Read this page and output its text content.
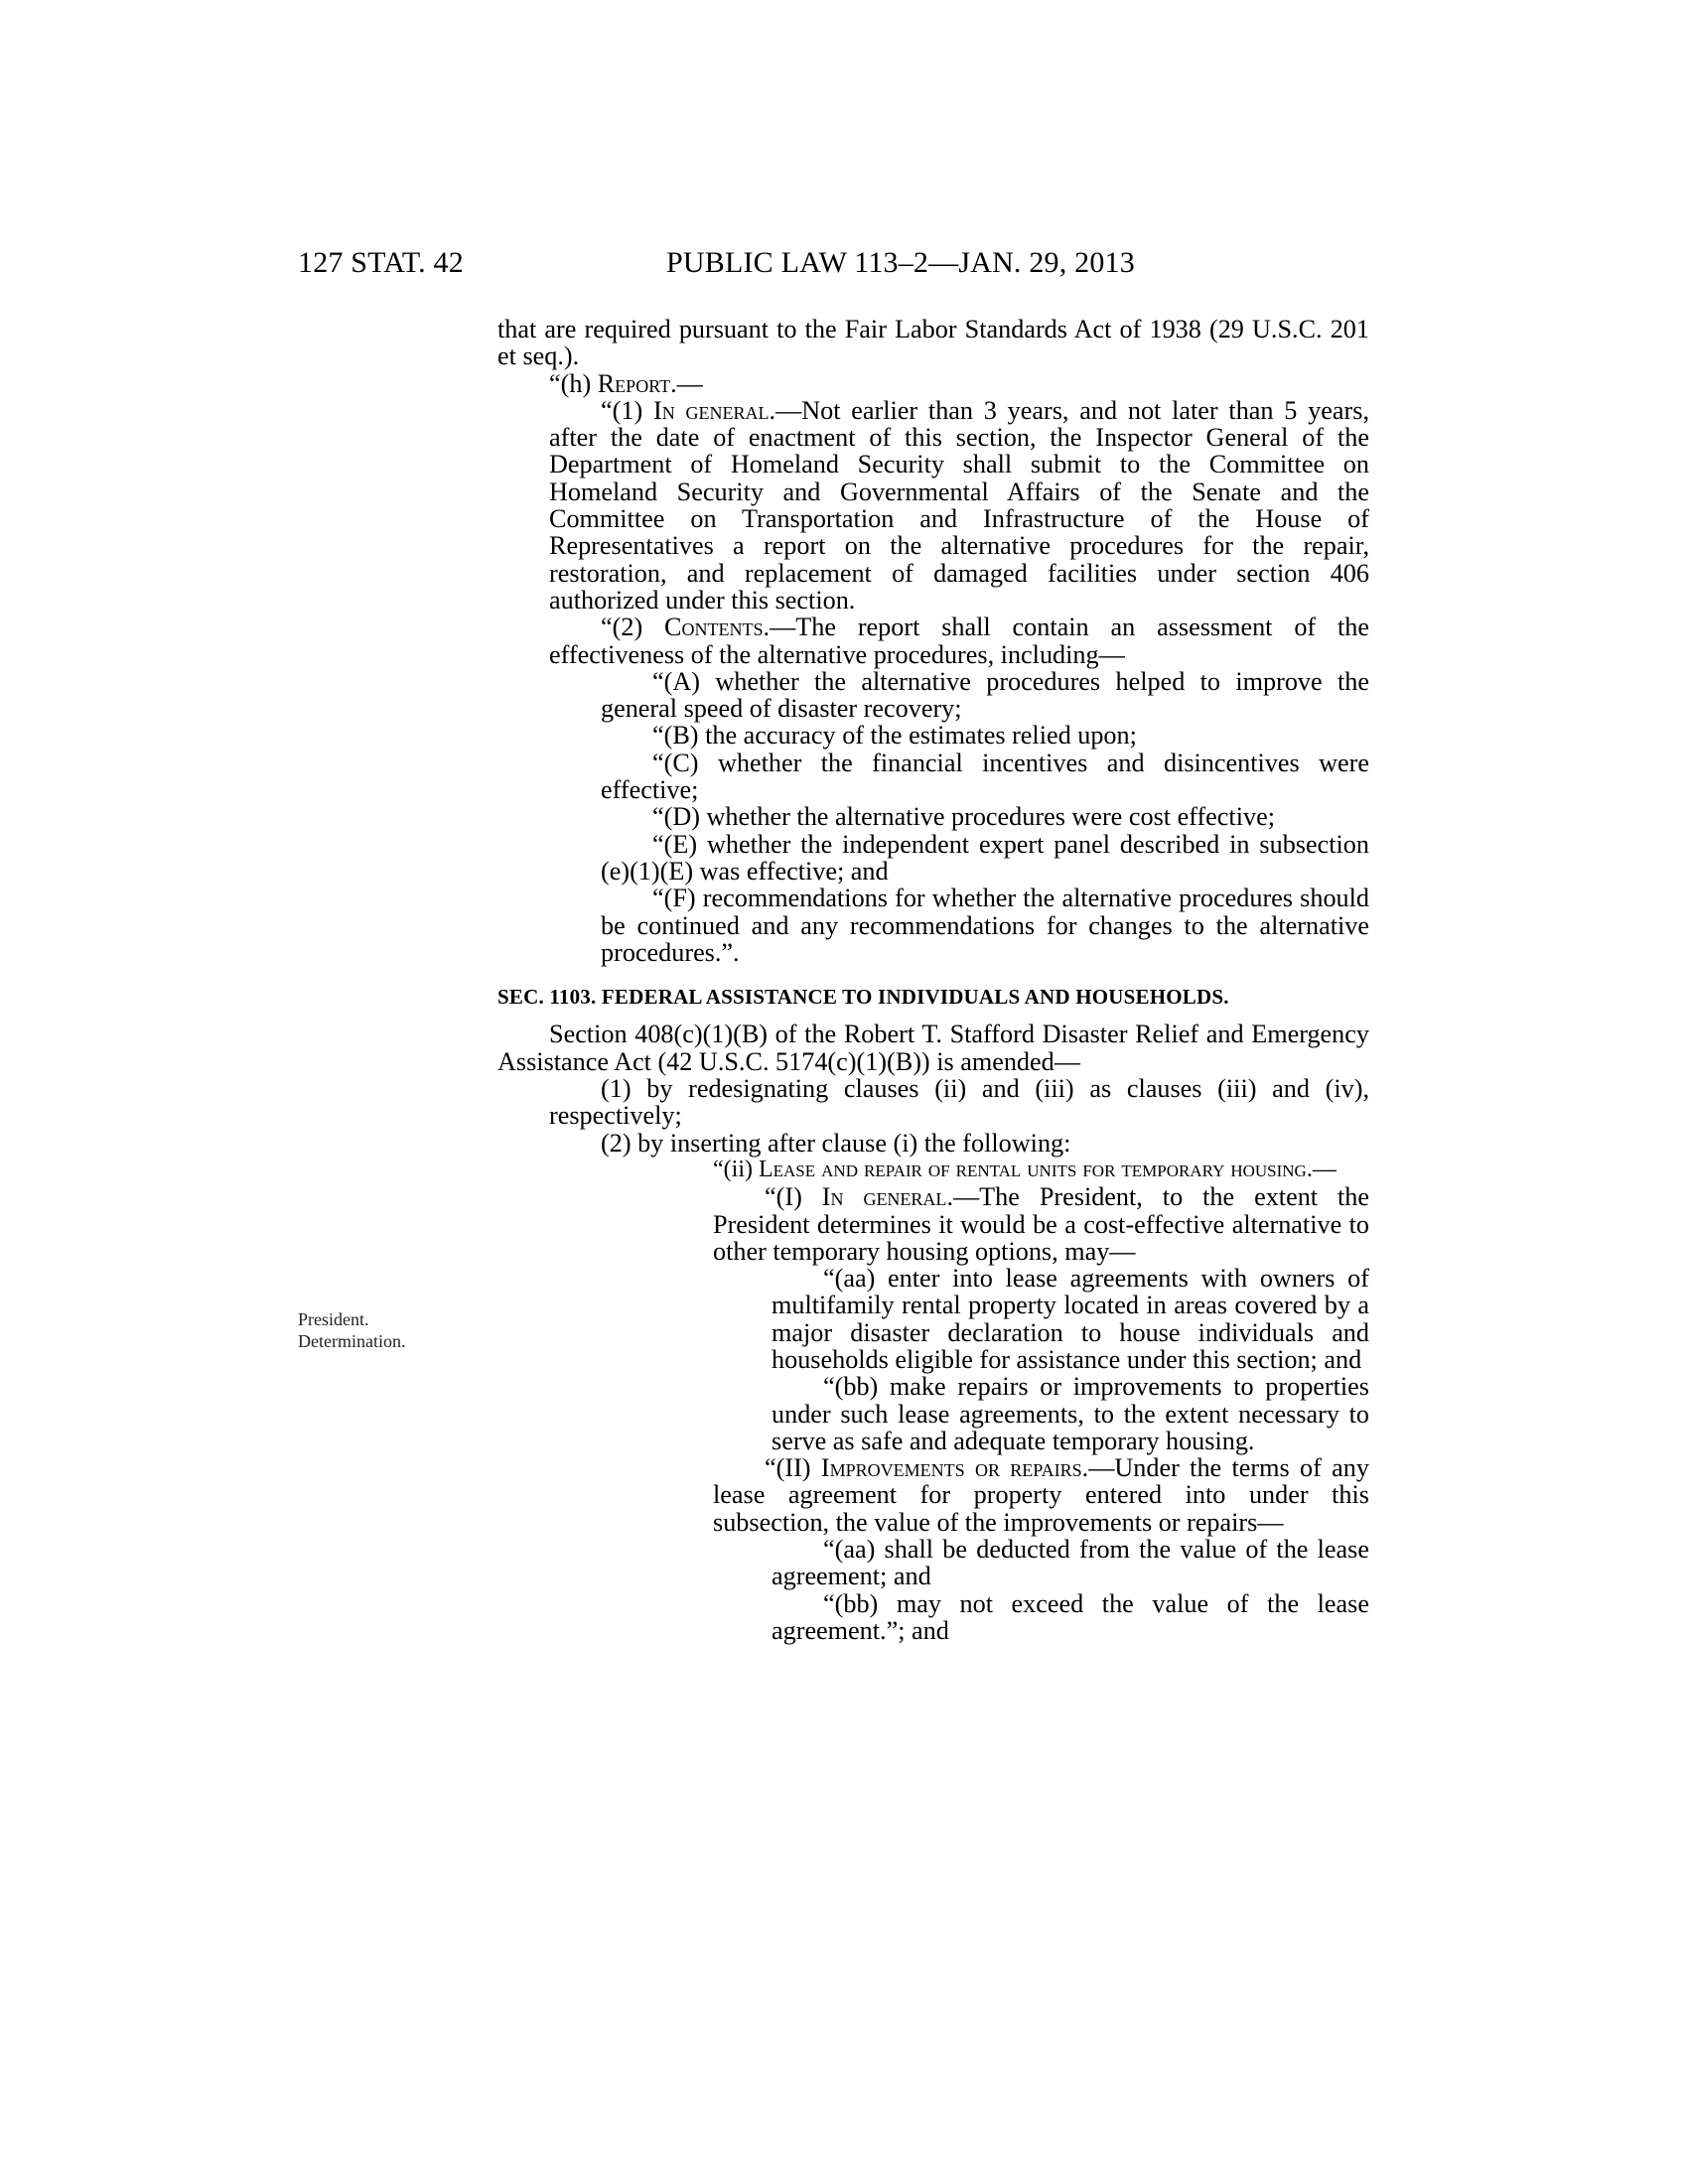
127 STAT. 42	PUBLIC LAW 113–2—JAN. 29, 2013
President.
Determination.

that are required pursuant to the Fair Labor Standards Act of 1938 (29 U.S.C. 201 et seq.).

“(h) Report.—

“(1) In general.—Not earlier than 3 years, and not later than 5 years, after the date of enactment of this section, the Inspector General of the Department of Homeland Security shall submit to the Committee on Homeland Security and Governmental Affairs of the Senate and the Committee on Transportation and Infrastructure of the House of Representatives a report on the alternative procedures for the repair, restoration, and replacement of damaged facilities under section 406 authorized under this section.

“(2) Contents.—The report shall contain an assessment of the effectiveness of the alternative procedures, including—

“(A) whether the alternative procedures helped to improve the general speed of disaster recovery;

“(B) the accuracy of the estimates relied upon;

“(C) whether the financial incentives and disincentives were effective;

“(D) whether the alternative procedures were cost effective;

“(E) whether the independent expert panel described in subsection (e)(1)(E) was effective; and

“(F) recommendations for whether the alternative procedures should be continued and any recommendations for changes to the alternative procedures.”.

SEC. 1103. FEDERAL ASSISTANCE TO INDIVIDUALS AND HOUSEHOLDS.

Section 408(c)(1)(B) of the Robert T. Stafford Disaster Relief and Emergency Assistance Act (42 U.S.C. 5174(c)(1)(B)) is amended—

(1) by redesignating clauses (ii) and (iii) as clauses (iii) and (iv), respectively;

(2) by inserting after clause (i) the following:

“(ii) Lease and repair of rental units for temporary housing.—

“(I) In general.—The President, to the extent the President determines it would be a cost-effective alternative to other temporary housing options, may—

“(aa) enter into lease agreements with owners of multifamily rental property located in areas covered by a major disaster declaration to house individuals and households eligible for assistance under this section; and

“(bb) make repairs or improvements to properties under such lease agreements, to the extent necessary to serve as safe and adequate temporary housing.

“(II) Improvements or repairs.—Under the terms of any lease agreement for property entered into under this subsection, the value of the improvements or repairs—

“(aa) shall be deducted from the value of the lease agreement; and

“(bb) may not exceed the value of the lease agreement.”; and
